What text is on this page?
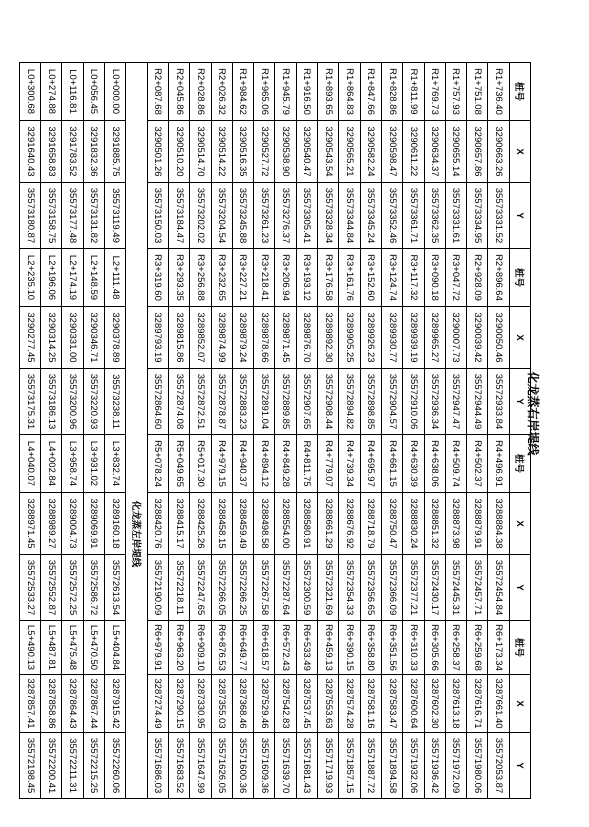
化龙蒸右岸堤线
桩号	X	Y	桩号	X	Y	桩号	X	Y	桩号	X	Y
R1+736.40	3290663.26	35573331.52	R2+896.64	3290050.46	35572933.84	R4+496.91	3288884.38	35572454.84	R6+173.34	3287661.40	35572053.87
R1+751.08	3290657.86	35573334.95	R2+928.09	3290039.42	35572944.49	R4+502.37	3288879.91	35572457.71	R6+259.68	3287616.71	35571980.06
R1+757.93	3290655.14	35573331.61	R3+047.72	3290007.73	35572947.47	R4+509.74	3288873.98	35572445.31	R6+258.37	3287613.18	35571972.09
R1+769.73	3290634.37	35573362.35	R3+090.18	3289965.27	35572936.34	R4+638.06	3288851.32	35572430.17	R6+305.66	3287602.30	35571936.42
R1+811.99	3290611.22	35573361.71	R3+117.32	3289939.19	35572910.06	R4+630.39	3288830.24	35572377.21	R6+310.33	3287600.64	35571932.06
R1+828.86	3290598.47	35573352.46	R3+124.74	3289930.77	35572904.57	R4+661.15	3288750.47	35572366.09	R6+351.56	3287583.47	35571894.58
R1+847.66	3290582.24	35573345.24	R3+152.60	3289926.23	35572898.85	R4+695.97	3288718.79	35572356.65	R6+358.80	3287581.16	35571887.72
R1+864.83	3290565.21	35573344.84	R3+161.76	3289905.25	35572894.82	R4+739.34	3288676.92	35572354.33	R6+390.15	3287574.28	35571857.15
R1+893.65	3290543.54	35573328.34	R3+176.58	3289892.30	35572908.44	R4+779.07	3288661.29	35572321.69	R6+459.13	3287553.63	35571719.93
R1+916.50	3290540.47	35573305.41	R3+193.12	3289876.70	35572907.65	R4+811.75	3288580.91	35572300.59	R6+533.49	3287537.45	35571681.43
R1+945.79	3290538.90	35573276.37	R3+206.94	3289871.45	35572889.85	R4+849.28	3288554.00	35572287.64	R6+572.43	3287542.83	35571639.70
R1+965.06	3290527.72	35573261.23	R3+218.41	3289878.66	35572891.04	R4+894.12	3288498.58	35572267.58	R6+618.57	3287529.46	35571609.36
R1+984.62	3290516.35	35573245.88	R3+227.21	3289879.24	35572883.23	R4+940.37	3288459.49	35572266.25	R6+649.77	3287368.46	35571600.36
R2+026.32	3290514.22	35573204.54	R3+232.65	3289874.99	35572878.87	R4+979.15	3288458.15	35572266.05	R6+876.53	3287355.03	35571626.05
R2+028.86	3290514.70	35573202.02	R3+256.88	3289852.07	35572872.51	R5+017.30	3288425.26	35572247.65	R6+909.10	3287330.95	35571647.99
R2+045.86	3290510.20	35573184.47	R3+293.35	3289815.86	35572874.08	R5+049.65	3288415.17	35572218.11	R6+963.20	3287290.15	35571683.52
R2+087.68	3290501.26	35573150.03	R3+319.60	3289793.19	35572864.60	R5+078.24	3288420.76	35572190.09	R6+979.91	3287274.49	35571686.03
化龙蒸左岸堤线											
L0+000.00	3291885.75	35573119.49	L2+111.48	3290378.89	35573238.11	L3+832.74	3289160.18	35572613.54	L5+404.84	3287915.42	35572260.06
L0+056.45	3291832.36	35573131.82	L2+148.59	3290346.71	35573220.93	L3+931.02	3289069.91	35572586.72	L5+470.50	3287867.44	35572215.25
L0+116.81	3291783.52	35573177.48	L2+174.19	3290331.00	35573200.96	L3+958.74	3289004.73	35572572.25	L5+475.48	3287864.43	35572211.31
L0+274.88	3291658.83	35573158.75	L2+196.06	3290314.25	35573186.13	L4+002.84	3288989.27	35572552.87	L5+487.81	3287858.86	35572200.41
L0+300.68	3291640.43	35573180.87	L2+235.10	3290277.45	35573175.31	L4+040.07	3288971.45	35572533.27	L5+490.13	3287857.41	35572198.45
